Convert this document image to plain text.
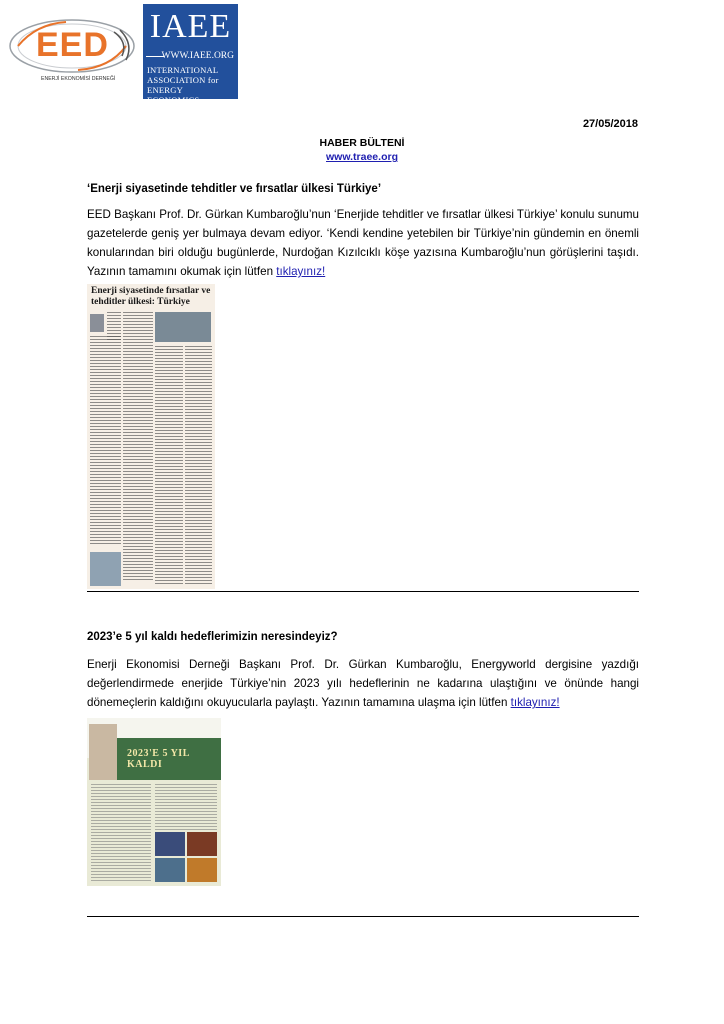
EED
ENERJİ EKONOMİSİ DERNEĞİ
IAEE
WWW.IAEE.ORG
INTERNATIONAL
ASSOCIATION for
ENERGY ECONOMICS
27/05/2018
HABER BÜLTENİ
www.traee.org
‘Enerji siyasetinde tehditler ve fırsatlar ülkesi Türkiye’
EED Başkanı Prof. Dr. Gürkan Kumbaroğlu’nun ‘Enerjide tehditler ve fırsatlar ülkesi Türkiye’ konulu sunumu gazetelerde geniş yer bulmaya devam ediyor. ‘Kendi kendine yetebilen bir Türkiye’nin gündemin en önemli konularından biri olduğu bugünlerde, Nurdoğan Kızılcıklı köşe yazısına Kumbaroğlu’nun görüşlerini taşıdı. Yazının tamamını okumak için lütfen tıklayınız!
Enerji siyasetinde fırsatlar ve tehditler ülkesi: Türkiye
2023’e 5 yıl kaldı hedeflerimizin neresindeyiz?
Enerji Ekonomisi Derneği Başkanı Prof. Dr. Gürkan Kumbaroğlu, Energyworld dergisine yazdığı değerlendirmede enerjide Türkiye’nin 2023 yılı hedeflerinin ne kadarına ulaştığını ve önünde hangi dönemeçlerin kaldığını okuyucularla paylaştı. Yazının tamamına ulaşma için lütfen tıklayınız!
2023'E 5 YIL KALDI
